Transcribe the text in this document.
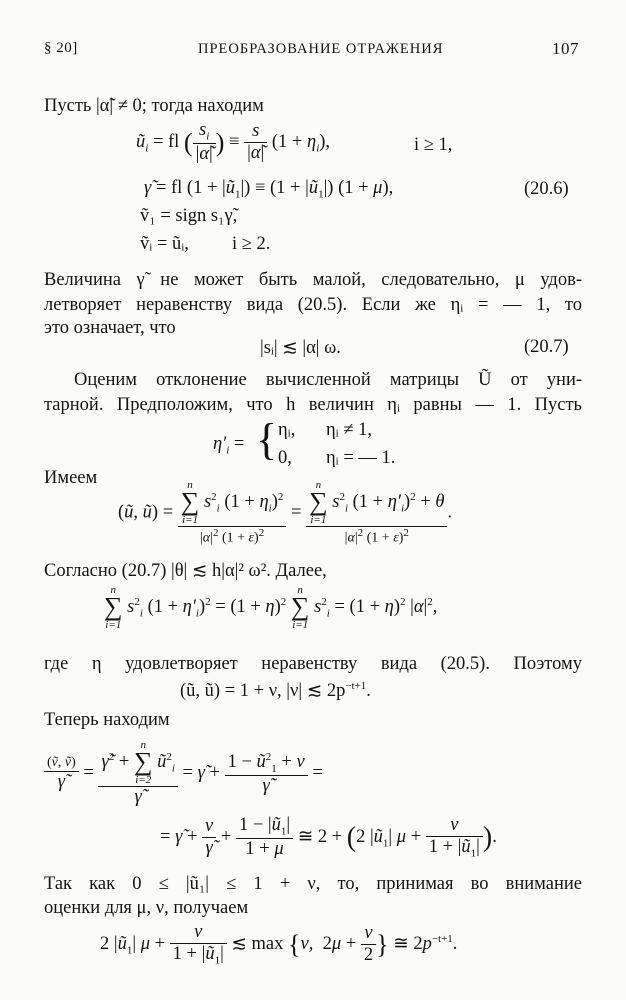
§ 20]	ПРЕОБРАЗОВАНИЕ ОТРАЖЕНИЯ	107
Пусть |α̃| ≠ 0; тогда находим
$ũ_i$ = fl ( $\frac{s_i}{|\alphã|}$ ) ≡ $\frac{s}{|\alphã|} (1 + \eta_i)$,	i ≥ 1,
γ̃ = fl $(1 + |ũ_1|) \equiv (1$ + $|ũ_1|$) (1 + μ),	(20.6)
ṽ₁ = sign s₁γ̃,
ṽᵢ = ũᵢ, i ≥ 2.
Величина γ̃ не может быть малой, следовательно, μ удов-
летворяет неравенству вида (20.5). Если же ηᵢ = — 1, то
это означает, что
|sᵢ| ≲ |α| ω.	(20.7)
Оценим отклонение вычисленной матрицы Ũ от уни-
тарной. Предположим, что h величин ηᵢ равны — 1. Пусть
$\eta'_i$ = { ηᵢ, ηᵢ ≠ 1,
0, ηᵢ = — 1.
Имеем
(ũ, ũ) = n
∑
i=1
$s^2_i$ $(1 + \eta_i)^2$
$|\alpha|^2$ $(1 + \varepsilon)^2 = n$
∑
i=1
$s^2_i$ $(1 + \eta'_i)^2 + \theta$
$|\alpha|^2$ $(1 + \varepsilon)^2$ .
Согласно (20.7) |θ| ≲ h|α|² ω². Далее,
n
∑
i=1
$s^2_i$ $(1 + \eta'_i)^2 = (1 + \eta)^2$
n
∑
i=1
$s^2_i = (1 + \eta)^2$ $|\alpha|^2$,
где η удовлетворяет неравенству вида (20.5). Поэтому
(ũ, ũ) = 1 + ν, |ν| ≲ $2p^{-t+1}$.
Теперь находим
$\frac{\text{(ṽ, ṽ)}}{\gammã}$ = γ̃$^2$ +
n
∑
i=2
$ũ^2_i$
γ̃ = γ̃ + $\frac{1 - ũ^2_1 + \nu}{\gammã}$ =
= γ̃ + $\frac{\nu}{\gammã} + \frac{1 - |ũ_1|}{1 + \mu}$ ≅ 2 + (2 $|ũ_1|$ $\mu + \frac{\nu}{1 + |ũ_1|}$ ).
Так как 0 ≤ |ũ₁| ≤ 1 + ν, то, принимая во внимание
оценки для μ, ν, получаем
2 $|ũ_1|$ $\mu + \frac{\nu}{1 + |ũ_1|}$ ≲ max {ν,  $2\mu + \frac{\nu}{2}$ } ≅ $2p^{-t+1}$.
